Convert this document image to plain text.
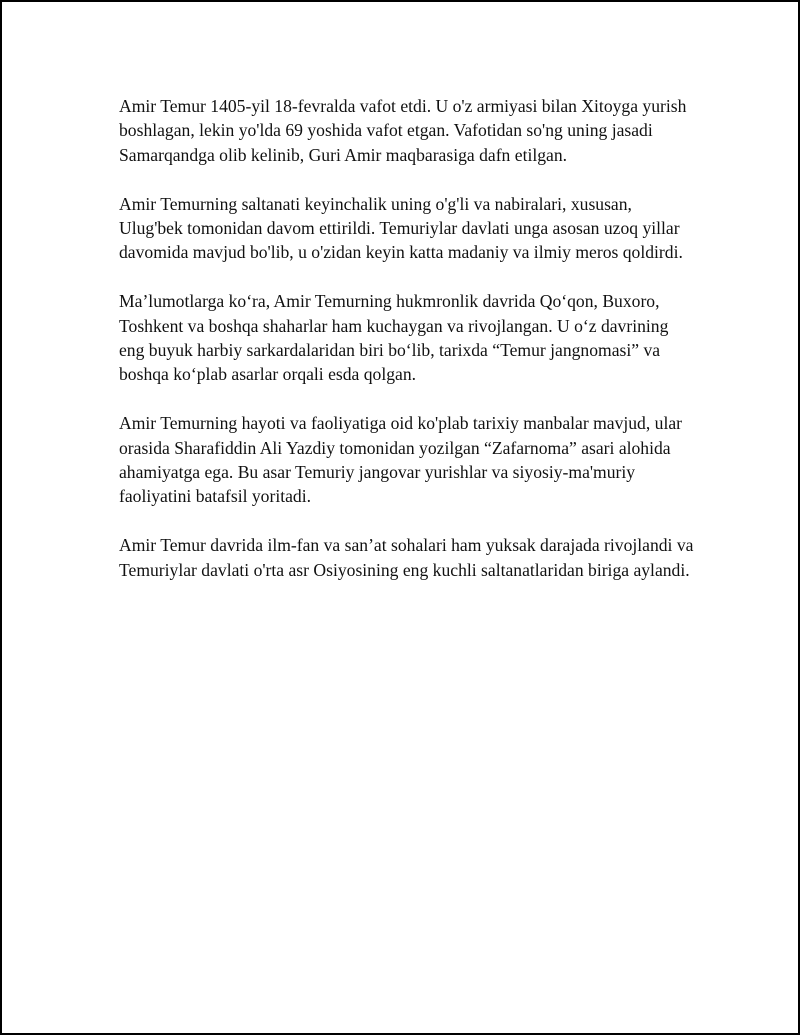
Amir Temur 1405-yil 18-fevralda vafot etdi. U o'z armiyasi bilan Xitoyga yurish boshlagan, lekin yo'lda 69 yoshida vafot etgan. Vafotidan so'ng uning jasadi Samarqandga olib kelinib, Guri Amir maqbarasiga dafn etilgan.

Amir Temurning saltanati keyinchalik uning o'g'li va nabiralari, xususan, Ulug'bek tomonidan davom ettirildi. Temuriylar davlati unga asosan uzoq yillar davomida mavjud bo'lib, u o'zidan keyin katta madaniy va ilmiy meros qoldirdi.

Ma’lumotlarga ko‘ra, Amir Temurning hukmronlik davrida Qo‘qon, Buxoro, Toshkent va boshqa shaharlar ham kuchaygan va rivojlangan. U o‘z davrining eng buyuk harbiy sarkardalaridan biri bo‘lib, tarixda “Temur jangnomasi” va boshqa ko‘plab asarlar orqali esda qolgan.

Amir Temurning hayoti va faoliyatiga oid ko'plab tarixiy manbalar mavjud, ular orasida Sharafiddin Ali Yazdiy tomonidan yozilgan “Zafarnoma” asari alohida ahamiyatga ega. Bu asar Temuriy jangovar yurishlar va siyosiy-ma'muriy faoliyatini batafsil yoritadi.

Amir Temur davrida ilm-fan va san’at sohalari ham yuksak darajada rivojlandi va Temuriylar davlati o'rta asr Osiyosining eng kuchli saltanatlaridan biriga aylandi.
